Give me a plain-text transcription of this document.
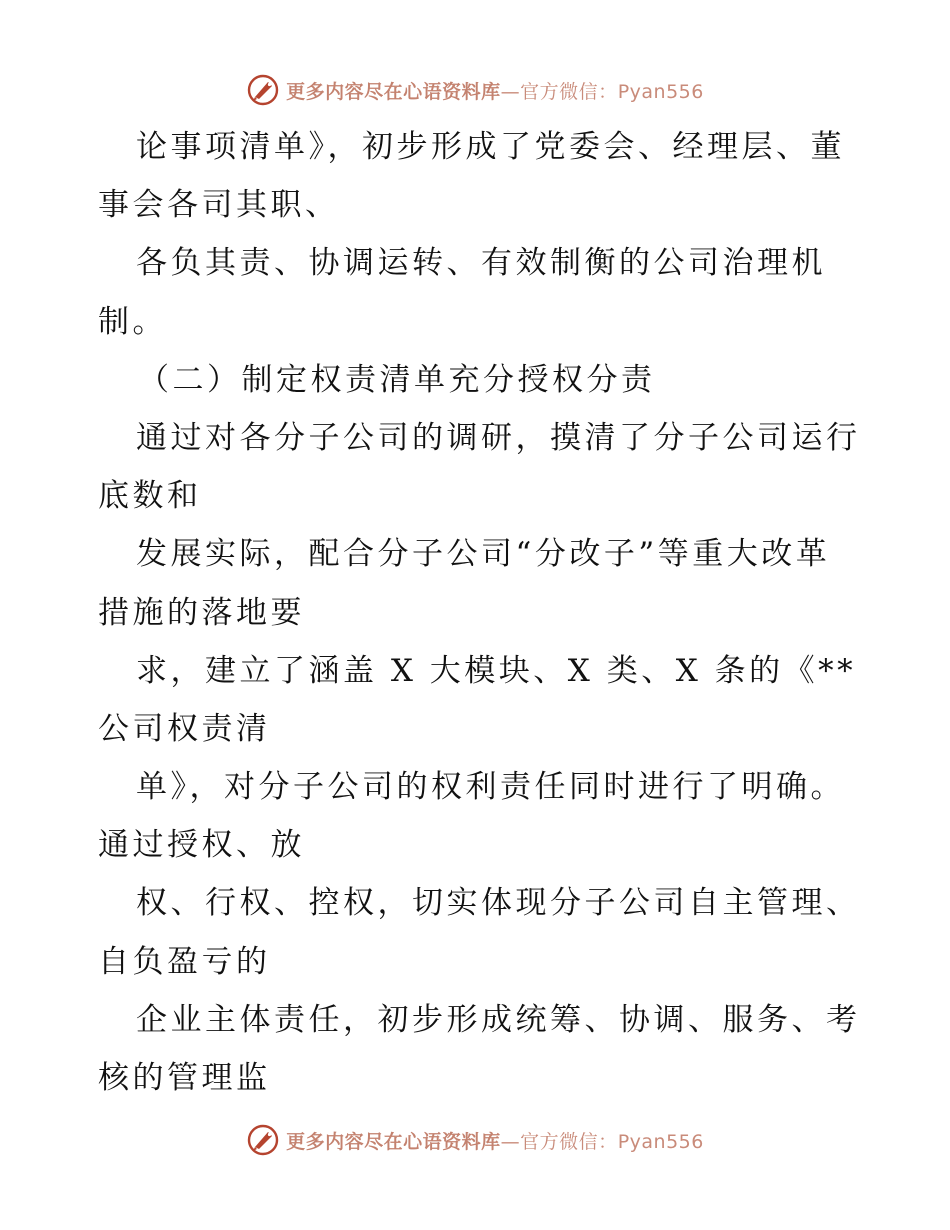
更多内容尽在心语资料库—官方微信：Pyan556
论事项清单》，初步形成了党委会、经理层、董
事会各司其职、
各负其责、协调运转、有效制衡的公司治理机
制。
（二）制定权责清单充分授权分责
通过对各分子公司的调研，摸清了分子公司运行
底数和
发展实际，配合分子公司“分改子”等重大改革
措施的落地要
求，建立了涵盖 X 大模块、X 类、X 条的《**
公司权责清
单》，对分子公司的权利责任同时进行了明确。
通过授权、放
权、行权、控权，切实体现分子公司自主管理、
自负盈亏的
企业主体责任，初步形成统筹、协调、服务、考
核的管理监
更多内容尽在心语资料库—官方微信：Pyan556
